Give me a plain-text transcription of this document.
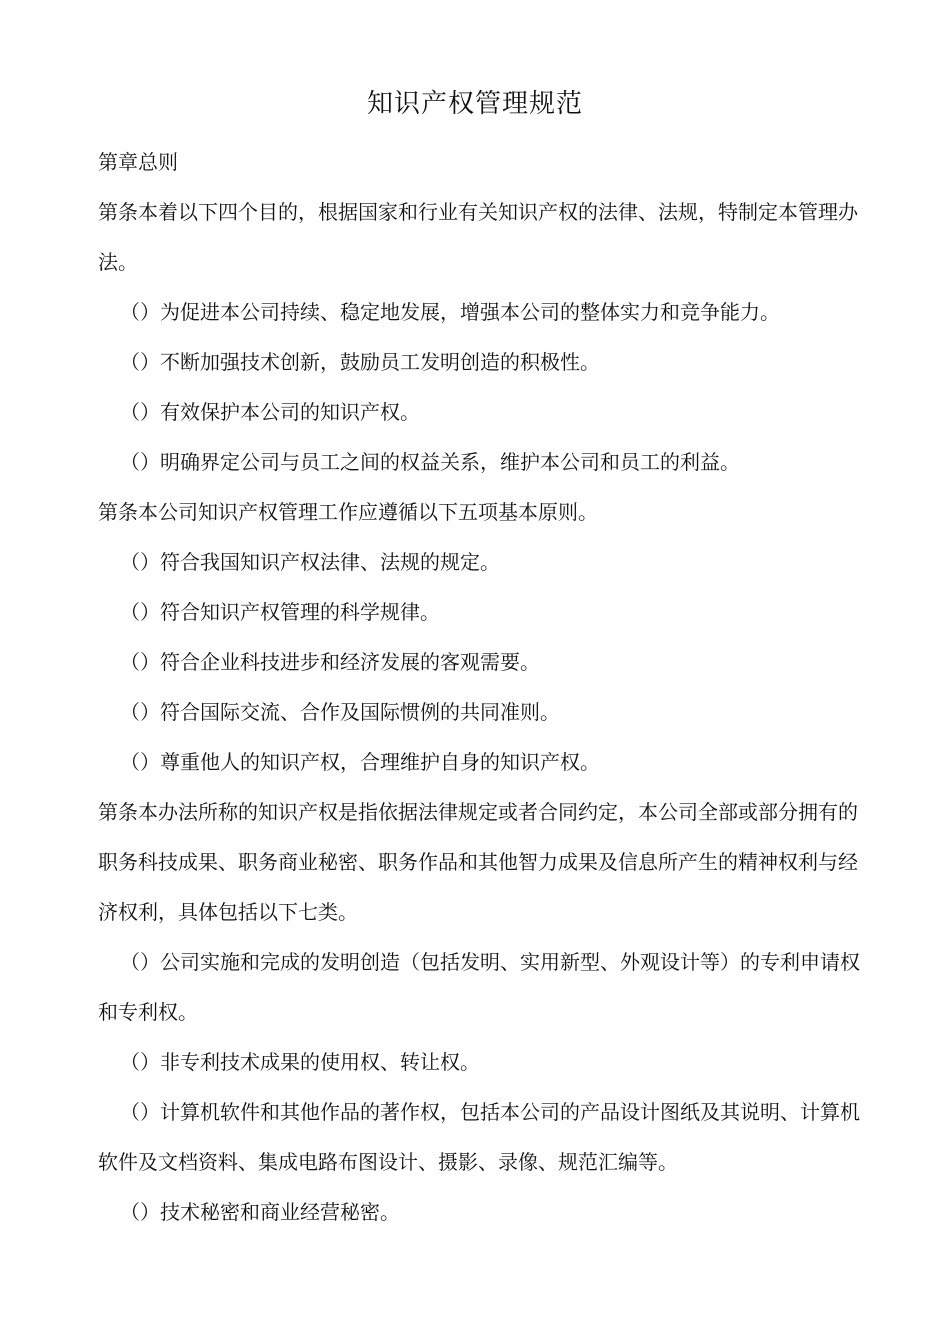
知识产权管理规范

第章总则

第条本着以下四个目的，根据国家和行业有关知识产权的法律、法规，特制定本管理办法。

（）为促进本公司持续、稳定地发展，增强本公司的整体实力和竞争能力。

（）不断加强技术创新，鼓励员工发明创造的积极性。

（）有效保护本公司的知识产权。

（）明确界定公司与员工之间的权益关系，维护本公司和员工的利益。

第条本公司知识产权管理工作应遵循以下五项基本原则。

（）符合我国知识产权法律、法规的规定。

（）符合知识产权管理的科学规律。

（）符合企业科技进步和经济发展的客观需要。

（）符合国际交流、合作及国际惯例的共同准则。

（）尊重他人的知识产权，合理维护自身的知识产权。

第条本办法所称的知识产权是指依据法律规定或者合同约定，本公司全部或部分拥有的职务科技成果、职务商业秘密、职务作品和其他智力成果及信息所产生的精神权利与经济权利，具体包括以下七类。

（）公司实施和完成的发明创造（包括发明、实用新型、外观设计等）的专利申请权和专利权。

（）非专利技术成果的使用权、转让权。

（）计算机软件和其他作品的著作权，包括本公司的产品设计图纸及其说明、计算机软件及文档资料、集成电路布图设计、摄影、录像、规范汇编等。

（）技术秘密和商业经营秘密。
